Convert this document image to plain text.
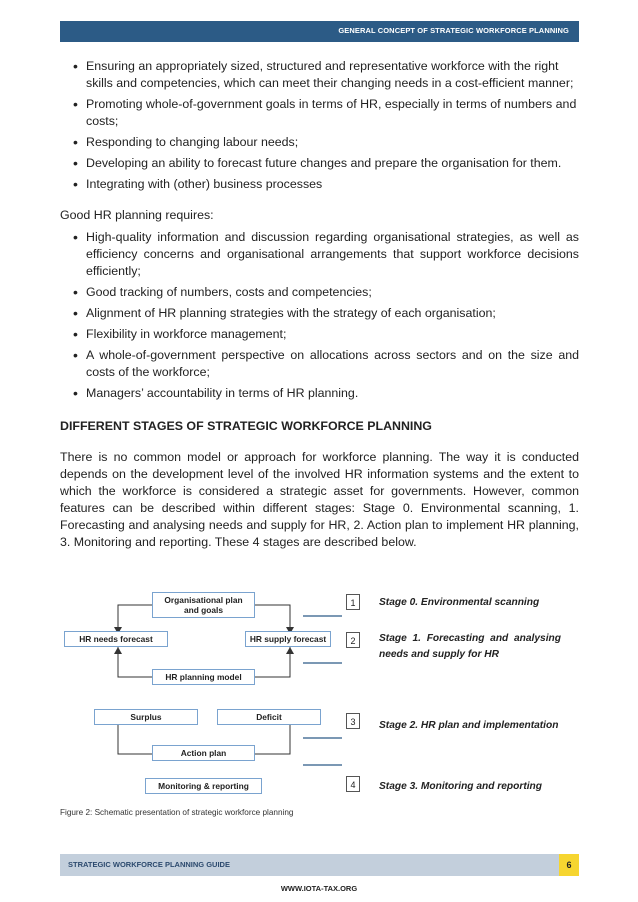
GENERAL CONCEPT OF STRATEGIC WORKFORCE PLANNING
• Ensuring an appropriately sized, structured and representative workforce with the right skills and competencies, which can meet their changing needs in a cost-efficient manner;
• Promoting whole-of-government goals in terms of HR, especially in terms of numbers and costs;
• Responding to changing labour needs;
• Developing an ability to forecast future changes and prepare the organisation for them.
• Integrating with (other) business processes

Good HR planning requires:

• High-quality information and discussion regarding organisational strategies, as well as efficiency concerns and organisational arrangements that support workforce decisions efficiently;
• Good tracking of numbers, costs and competencies;
• Alignment of HR planning strategies with the strategy of each organisation;
• Flexibility in workforce management;
• A whole-of-government perspective on allocations across sectors and on the size and costs of the workforce;
• Managers’ accountability in terms of HR planning.

DIFFERENT STAGES OF STRATEGIC WORKFORCE PLANNING

There is no common model or approach for workforce planning. The way it is conducted depends on the development level of the involved HR information systems and the extent to which the workforce is considered a strategic asset for governments. However, common features can be described within different stages: Stage 0. Environmental scanning, 1. Forecasting and analysing needs and supply for HR, 2. Action plan to implement HR planning, 3. Monitoring and reporting. These 4 stages are described below.

Organisational plan
and goals
HR needs forecast	HR supply forecast
HR planning model
Surplus	Deficit
Action plan
Monitoring & reporting
1
2
3
4
Stage 0. Environmental scanning
Stage 1. Forecasting and analysing
needs and supply for HR
Stage 2. HR plan and implementation
Stage 3. Monitoring and reporting
Figure 2: Schematic presentation of strategic workforce planning
STRATEGIC WORKFORCE PLANNING GUIDE	6
WWW.IOTA-TAX.ORG
